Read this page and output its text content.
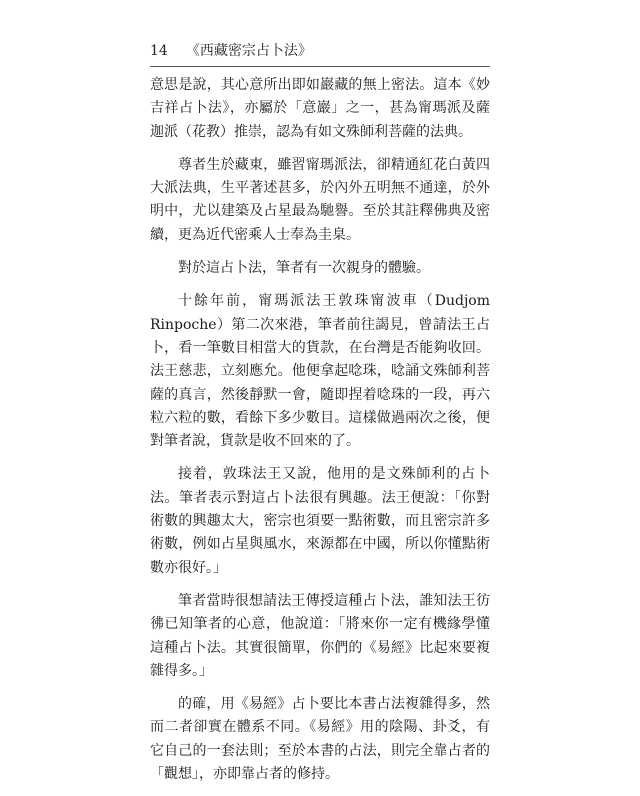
14 《西藏密宗占卜法》

意思是說，其心意所出即如巖藏的無上密法。這本《妙吉祥占卜法》，亦屬於「意巖」之一，甚為甯瑪派及薩迦派（花教）推崇，認為有如文殊師利菩薩的法典。

尊者生於藏東，雖習甯瑪派法，卻精通紅花白黃四大派法典，生平著述甚多，於內外五明無不通達，於外明中，尤以建築及占星最為馳譽。至於其註釋佛典及密續，更為近代密乘人士奉為圭臬。

對於這占卜法，筆者有一次親身的體驗。

十餘年前，甯瑪派法王敦珠甯波車（Dudjom Rinpoche）第二次來港，筆者前往謁見，曾請法王占卜，看一筆數目相當大的貨款，在台灣是否能夠收回。法王慈悲，立刻應允。他便拿起唸珠，唸誦文殊師利菩薩的真言，然後靜默一會，隨即捏着唸珠的一段，再六粒六粒的數，看餘下多少數目。這樣做過兩次之後，便對筆者說，貨款是收不回來的了。

接着，敦珠法王又說，他用的是文殊師利的占卜法。筆者表示對這占卜法很有興趣。法王便說：「你對術數的興趣太大，密宗也須要一點術數，而且密宗許多術數，例如占星與風水，來源都在中國，所以你懂點術數亦很好。」

筆者當時很想請法王傳授這種占卜法，誰知法王彷彿已知筆者的心意，他說道：「將來你一定有機緣學懂這種占卜法。其實很簡單，你們的《易經》比起來要複雜得多。」

的確，用《易經》占卜要比本書占法複雜得多，然而二者卻實在體系不同。《易經》用的陰陽、卦爻，有它自己的一套法則；至於本書的占法，則完全靠占者的「觀想」，亦即靠占者的修持。
